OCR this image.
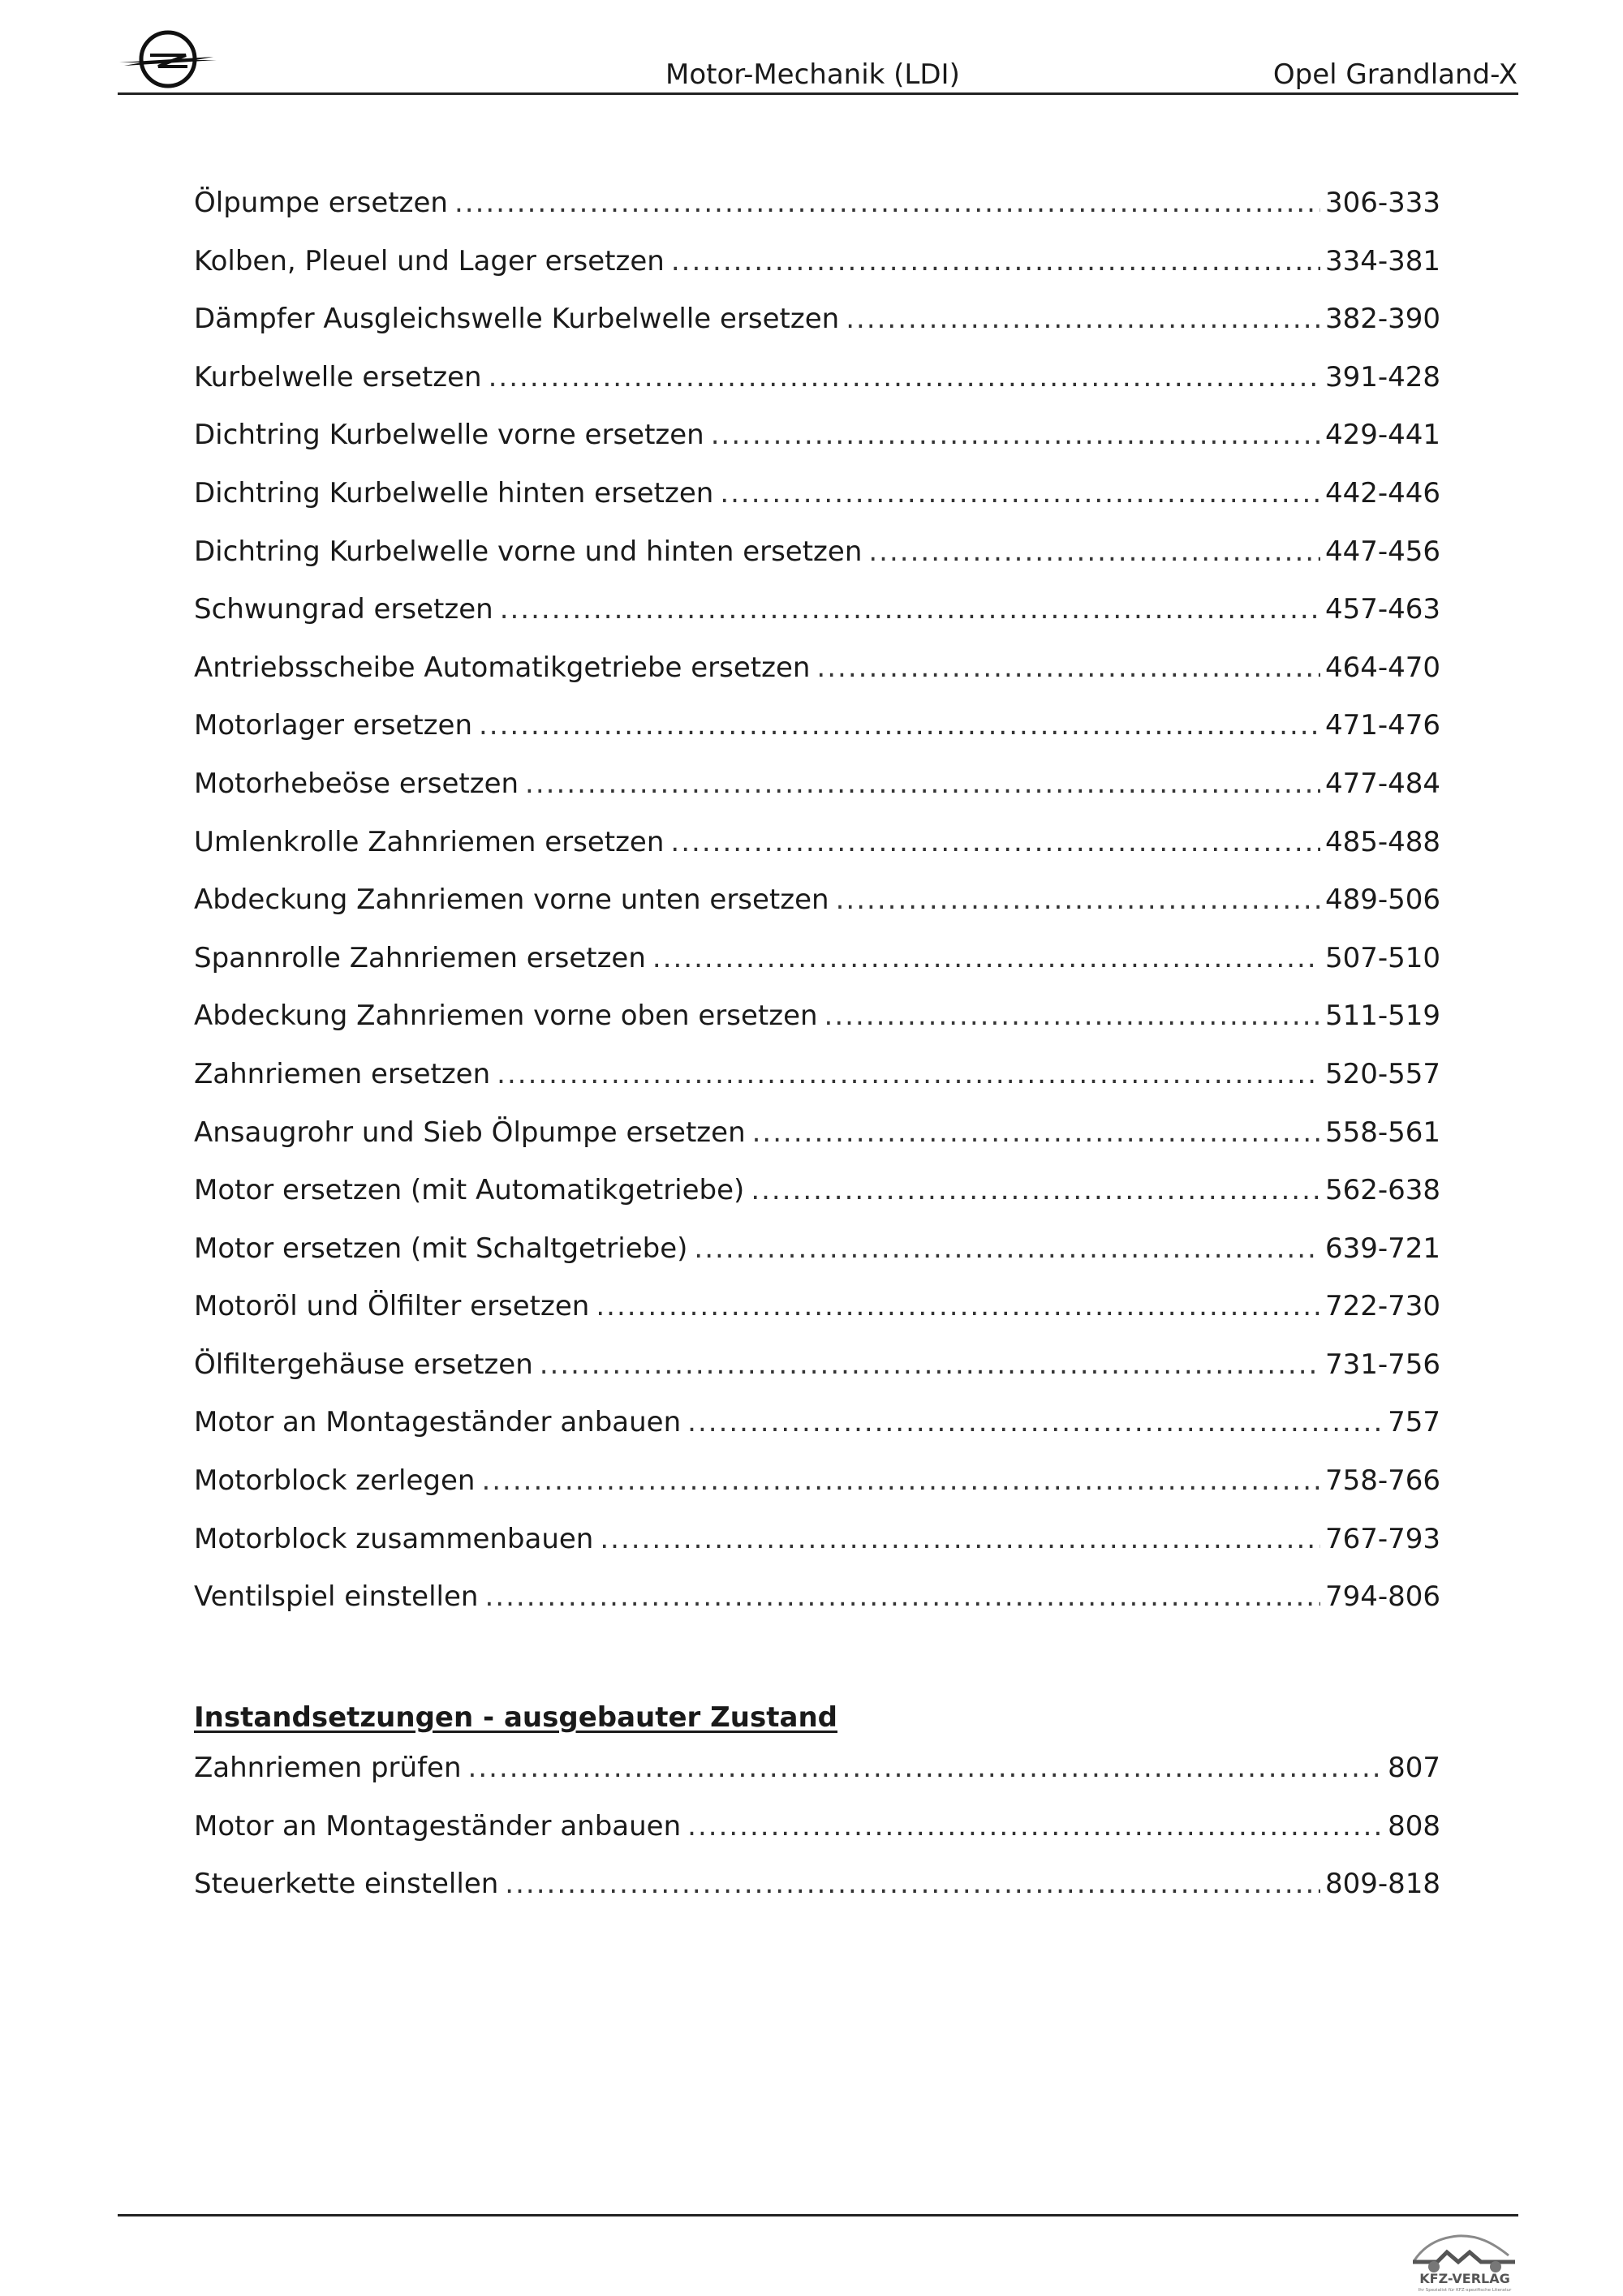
Motor-Mechanik (LDI)	Opel Grandland-X
Ölpumpe ersetzen .....	306-333
Kolben, Pleuel und Lager ersetzen .....	334-381
Dämpfer Ausgleichswelle Kurbelwelle ersetzen .....	382-390
Kurbelwelle ersetzen .....	391-428
Dichtring Kurbelwelle vorne ersetzen .....	429-441
Dichtring Kurbelwelle hinten ersetzen .....	442-446
Dichtring Kurbelwelle vorne und hinten ersetzen .....	447-456
Schwungrad ersetzen .....	457-463
Antriebsscheibe Automatikgetriebe ersetzen .....	464-470
Motorlager ersetzen .....	471-476
Motorhebeöse ersetzen .....	477-484
Umlenkrolle Zahnriemen ersetzen .....	485-488
Abdeckung Zahnriemen vorne unten ersetzen .....	489-506
Spannrolle Zahnriemen ersetzen .....	507-510
Abdeckung Zahnriemen vorne oben ersetzen .....	511-519
Zahnriemen ersetzen .....	520-557
Ansaugrohr und Sieb Ölpumpe ersetzen .....	558-561
Motor ersetzen (mit Automatikgetriebe) .....	562-638
Motor ersetzen (mit Schaltgetriebe) .....	639-721
Motoröl und Ölfilter ersetzen .....	722-730
Ölfiltergehäuse ersetzen .....	731-756
Motor an Montageständer anbauen .....	757
Motorblock zerlegen .....	758-766
Motorblock zusammenbauen .....	767-793
Ventilspiel einstellen .....	794-806
Instandsetzungen - ausgebauter Zustand
Zahnriemen prüfen .....	807
Motor an Montageständer anbauen .....	808
Steuerkette einstellen .....	809-818
KFZ-VERLAG
Ihr Spezialist für KFZ-spezifische Literatur
